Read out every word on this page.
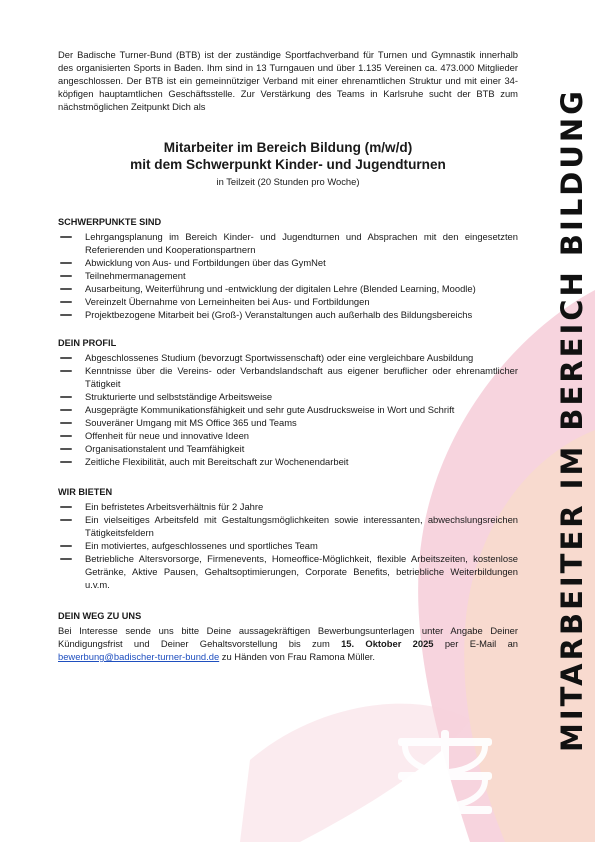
Der Badische Turner-Bund (BTB) ist der zuständige Sportfachverband für Turnen und Gymnastik innerhalb des organisierten Sports in Baden. Ihm sind in 13 Turngauen und über 1.135 Vereinen ca. 473.000 Mitglieder angeschlossen. Der BTB ist ein gemeinnütziger Verband mit einer ehrenamtlichen Struktur und mit einer 34-köpfigen hauptamtlichen Geschäftsstelle. Zur Verstärkung des Teams in Karlsruhe sucht der BTB zum nächstmöglichen Zeitpunkt Dich als

Mitarbeiter im Bereich Bildung (m/w/d)
mit dem Schwerpunkt Kinder- und Jugendturnen
in Teilzeit (20 Stunden pro Woche)
SCHWERPUNKTE SIND
Lehrgangsplanung im Bereich Kinder- und Jugendturnen und Absprachen mit den eingesetzten Referierenden und Kooperationspartnern
Abwicklung von Aus- und Fortbildungen über das GymNet
Teilnehmermanagement
Ausarbeitung, Weiterführung und -entwicklung der digitalen Lehre (Blended Learning, Moodle)
Vereinzelt Übernahme von Lerneinheiten bei Aus- und Fortbildungen
Projektbezogene Mitarbeit bei (Groß-) Veranstaltungen auch außerhalb des Bildungsbereichs
DEIN PROFIL
Abgeschlossenes Studium (bevorzugt Sportwissenschaft) oder eine vergleichbare Ausbildung
Kenntnisse über die Vereins- oder Verbandslandschaft aus eigener beruflicher oder ehrenamtlicher Tätigkeit
Strukturierte und selbstständige Arbeitsweise
Ausgeprägte Kommunikationsfähigkeit und sehr gute Ausdrucksweise in Wort und Schrift
Souveräner Umgang mit MS Office 365 und Teams
Offenheit für neue und innovative Ideen
Organisationstalent und Teamfähigkeit
Zeitliche Flexibilität, auch mit Bereitschaft zur Wochenendarbeit
WIR BIETEN
Ein befristetes Arbeitsverhältnis für 2 Jahre
Ein vielseitiges Arbeitsfeld mit Gestaltungsmöglichkeiten sowie interessanten, abwechslungsreichen Tätigkeitsfeldern
Ein motiviertes, aufgeschlossenes und sportliches Team
Betriebliche Altersvorsorge, Firmenevents, Homeoffice-Möglichkeit, flexible Arbeitszeiten, kostenlose Getränke, Aktive Pausen, Gehaltsoptimierungen, Corporate Benefits, betriebliche Weiterbildungen u.v.m.
DEIN WEG ZU UNS

Bei Interesse sende uns bitte Deine aussagekräftigen Bewerbungsunterlagen unter Angabe Deiner Kündigungsfrist und Deiner Gehaltsvorstellung bis zum 15. Oktober 2025 per E-Mail an bewerbung@badischer-turner-bund.de zu Händen von Frau Ramona Müller.	MITARBEITER IM BEREICH BILDUNG
